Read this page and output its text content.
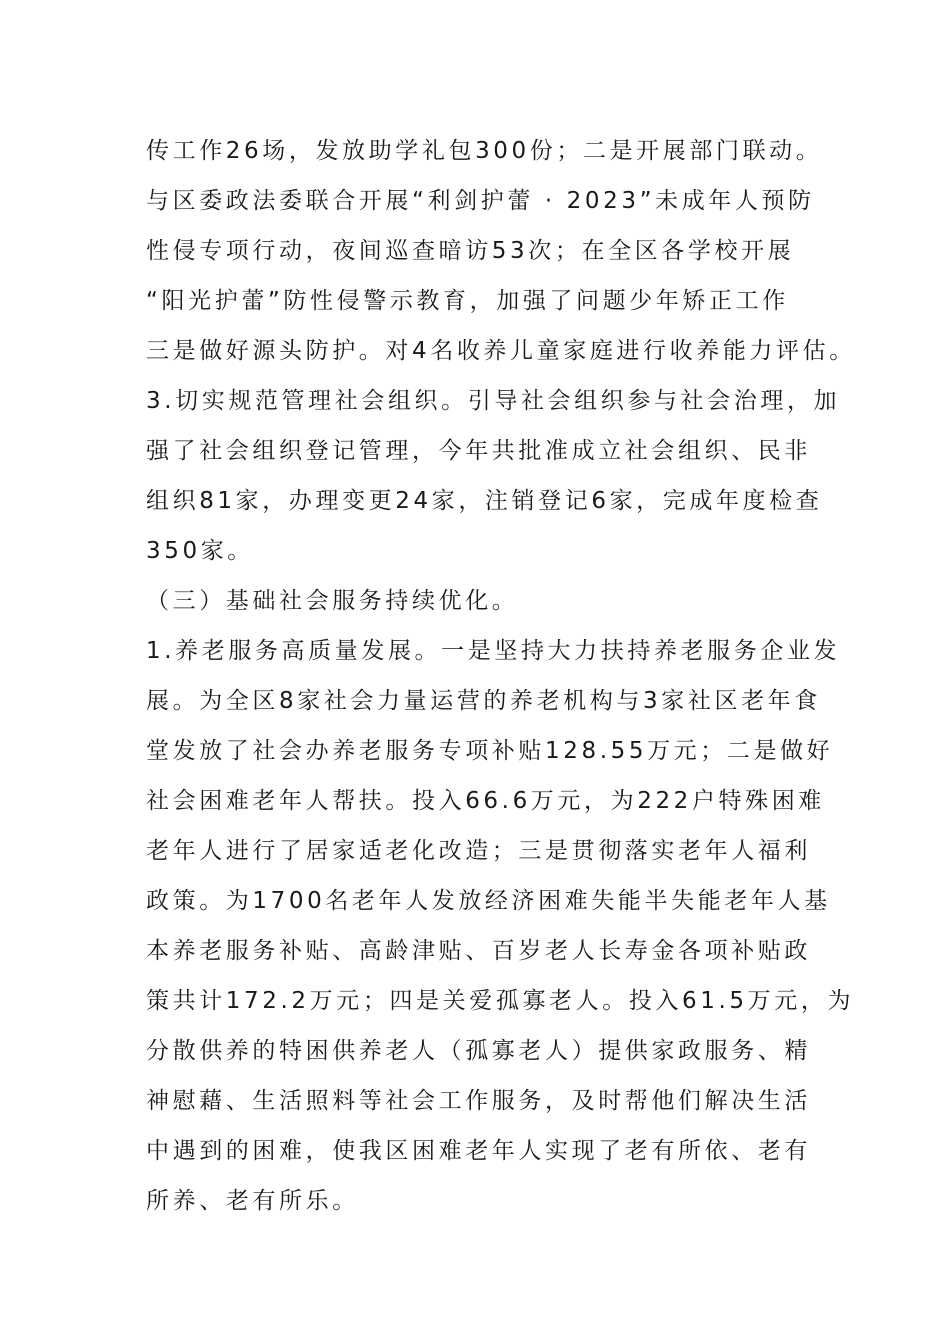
传工作26场，发放助学礼包300份；二是开展部门联动。
与区委政法委联合开展“利剑护蕾 · 2023”未成年人预防
性侵专项行动，夜间巡查暗访53次；在全区各学校开展
“阳光护蕾”防性侵警示教育，加强了问题少年矫正工作
三是做好源头防护。对4名收养儿童家庭进行收养能力评估。
3.切实规范管理社会组织。引导社会组织参与社会治理，加
强了社会组织登记管理，今年共批准成立社会组织、民非
组织81家，办理变更24家，注销登记6家，完成年度检查
350家。
（三）基础社会服务持续优化。
1.养老服务高质量发展。一是坚持大力扶持养老服务企业发
展。为全区8家社会力量运营的养老机构与3家社区老年食
堂发放了社会办养老服务专项补贴128.55万元；二是做好
社会困难老年人帮扶。投入66.6万元，为222户特殊困难
老年人进行了居家适老化改造；三是贯彻落实老年人福利
政策。为1700名老年人发放经济困难失能半失能老年人基
本养老服务补贴、高龄津贴、百岁老人长寿金各项补贴政
策共计172.2万元；四是关爱孤寡老人。投入61.5万元，为
分散供养的特困供养老人（孤寡老人）提供家政服务、精
神慰藉、生活照料等社会工作服务，及时帮他们解决生活
中遇到的困难，使我区困难老年人实现了老有所依、老有
所养、老有所乐。
